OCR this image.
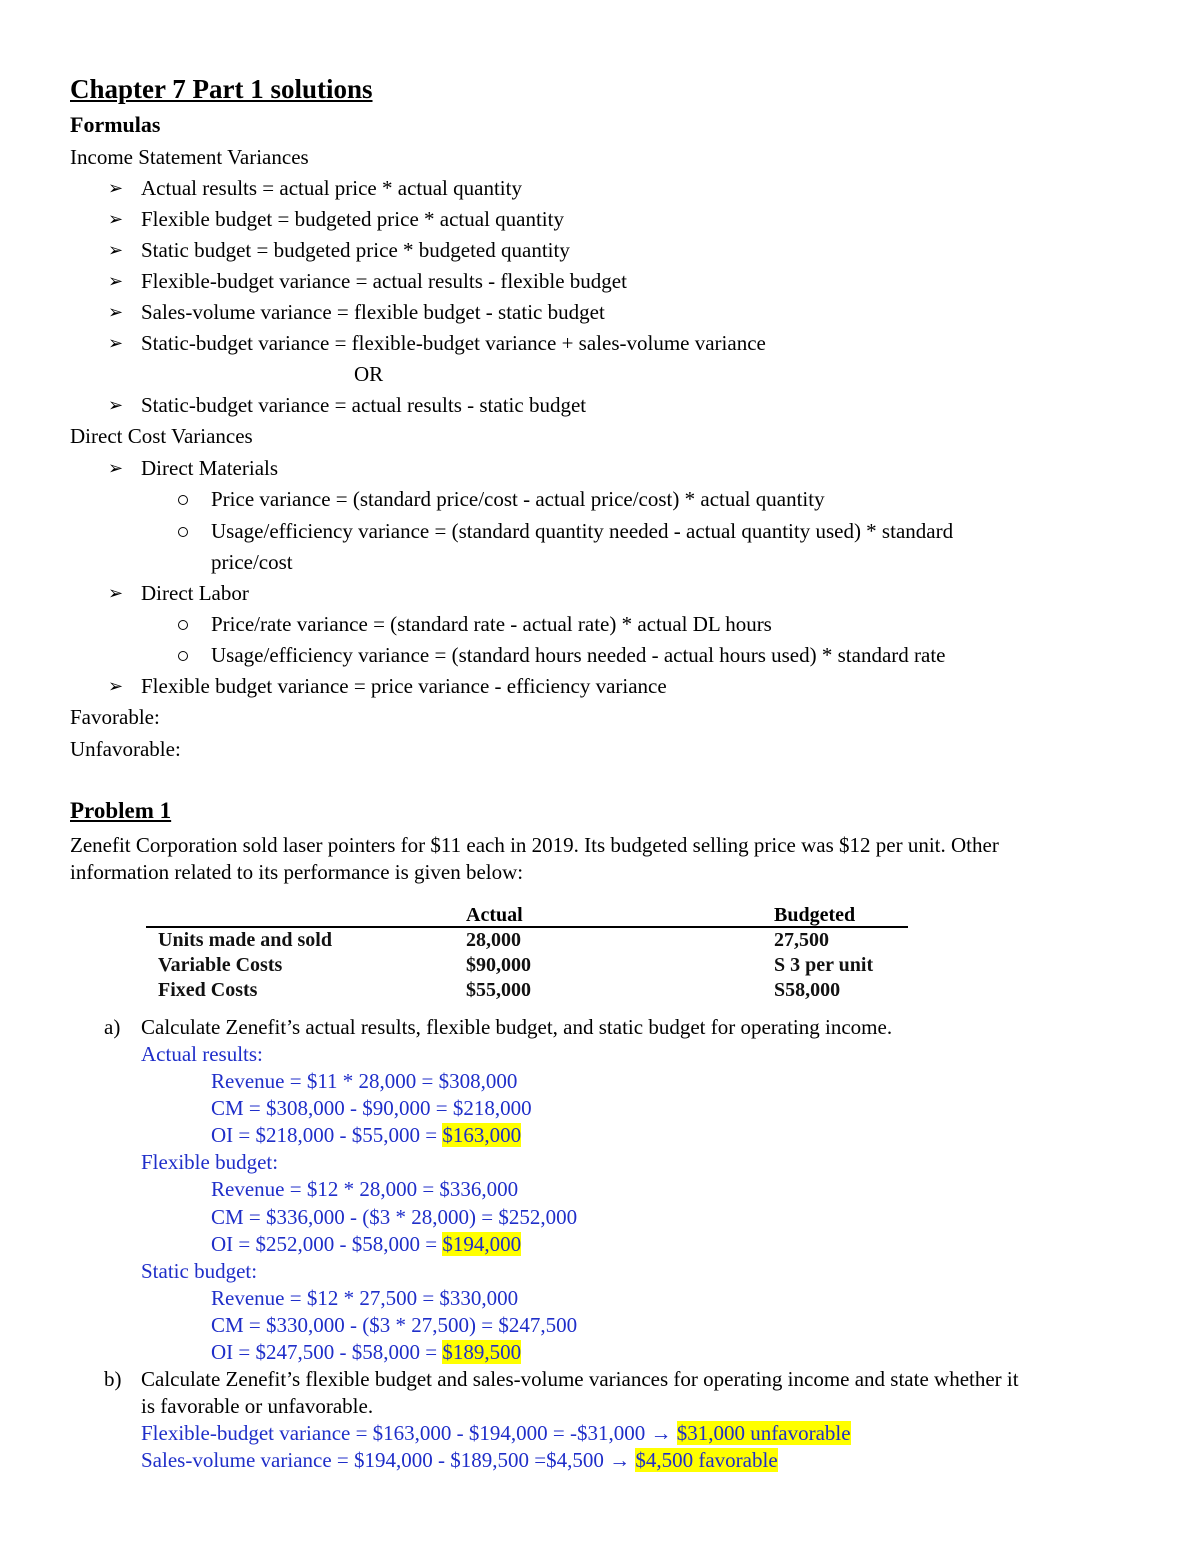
Chapter 7 Part 1 solutions
Formulas
Income Statement Variances
➢ Actual results = actual price * actual quantity
➢ Flexible budget = budgeted price * actual quantity
➢ Static budget = budgeted price * budgeted quantity
➢ Flexible-budget variance = actual results - flexible budget
➢ Sales-volume variance = flexible budget - static budget
➢ Static-budget variance = flexible-budget variance + sales-volume variance
OR
➢ Static-budget variance = actual results - static budget
Direct Cost Variances
➢ Direct Materials
Price variance = (standard price/cost - actual price/cost) * actual quantity
Usage/efficiency variance = (standard quantity needed - actual quantity used) * standard
price/cost
➢ Direct Labor
Price/rate variance = (standard rate - actual rate) * actual DL hours
Usage/efficiency variance = (standard hours needed - actual hours used) * standard rate
➢ Flexible budget variance = price variance - efficiency variance
Favorable:
Unfavorable:
Problem 1
Zenefit Corporation sold laser pointers for $11 each in 2019. Its budgeted selling price was $12 per unit. Other
information related to its performance is given below:
	Actual	Budgeted
Units made and sold	28,000	27,500
Variable Costs	$90,000	S 3 per unit
Fixed Costs	$55,000	S58,000
a) Calculate Zenefit’s actual results, flexible budget, and static budget for operating income.
Actual results:
Revenue = $11 * 28,000 = $308,000
CM = $308,000 - $90,000 = $218,000
OI = $218,000 - $55,000 = $163,000
Flexible budget:
Revenue = $12 * 28,000 = $336,000
CM = $336,000 - ($3 * 28,000) = $252,000
OI = $252,000 - $58,000 = $194,000
Static budget:
Revenue = $12 * 27,500 = $330,000
CM = $330,000 - ($3 * 27,500) = $247,500
OI = $247,500 - $58,000 = $189,500
b) Calculate Zenefit’s flexible budget and sales-volume variances for operating income and state whether it
is favorable or unfavorable.
Flexible-budget variance = $163,000 - $194,000 = -$31,000 → $31,000 unfavorable
Sales-volume variance = $194,000 - $189,500 =$4,500 → $4,500 favorable
